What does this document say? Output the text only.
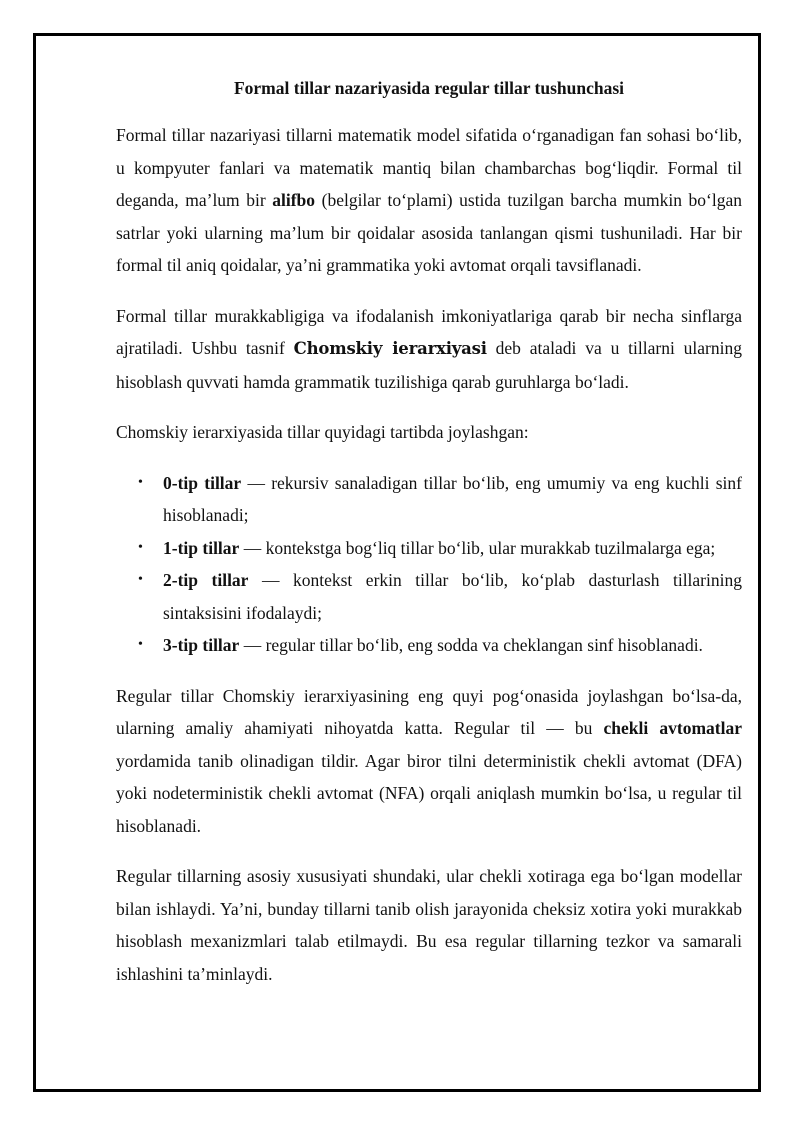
Formal tillar nazariyasida regular tillar tushunchasi

Formal tillar nazariyasi tillarni matematik model sifatida o‘rganadigan fan sohasi bo‘lib, u kompyuter fanlari va matematik mantiq bilan chambarchas bog‘liqdir. Formal til deganda, ma’lum bir alifbo (belgilar to‘plami) ustida tuzilgan barcha mumkin bo‘lgan satrlar yoki ularning ma’lum bir qoidalar asosida tanlangan qismi tushuniladi. Har bir formal til aniq qoidalar, ya’ni grammatika yoki avtomat orqali tavsiflanadi.

Formal tillar murakkabligiga va ifodalanish imkoniyatlariga qarab bir necha sinflarga ajratiladi. Ushbu tasnif Chomskiy ierarxiyasi deb ataladi va u tillarni ularning hisoblash quvvati hamda grammatik tuzilishiga qarab guruhlarga bo‘ladi.

Chomskiy ierarxiyasida tillar quyidagi tartibda joylashgan:

• 0-tip tillar — rekursiv sanaladigan tillar bo‘lib, eng umumiy va eng kuchli sinf hisoblanadi;
• 1-tip tillar — kontekstga bog‘liq tillar bo‘lib, ular murakkab tuzilmalarga ega;
• 2-tip tillar — kontekst erkin tillar bo‘lib, ko‘plab dasturlash tillarining sintaksisini ifodalaydi;
• 3-tip tillar — regular tillar bo‘lib, eng sodda va cheklangan sinf hisoblanadi.

Regular tillar Chomskiy ierarxiyasining eng quyi pog‘onasida joylashgan bo‘lsa-da, ularning amaliy ahamiyati nihoyatda katta. Regular til — bu chekli avtomatlar yordamida tanib olinadigan tildir. Agar biror tilni deterministik chekli avtomat (DFA) yoki nodeterministik chekli avtomat (NFA) orqali aniqlash mumkin bo‘lsa, u regular til hisoblanadi.

Regular tillarning asosiy xususiyati shundaki, ular chekli xotiraga ega bo‘lgan modellar bilan ishlaydi. Ya’ni, bunday tillarni tanib olish jarayonida cheksiz xotira yoki murakkab hisoblash mexanizmlari talab etilmaydi. Bu esa regular tillarning tezkor va samarali ishlashini ta’minlaydi.
